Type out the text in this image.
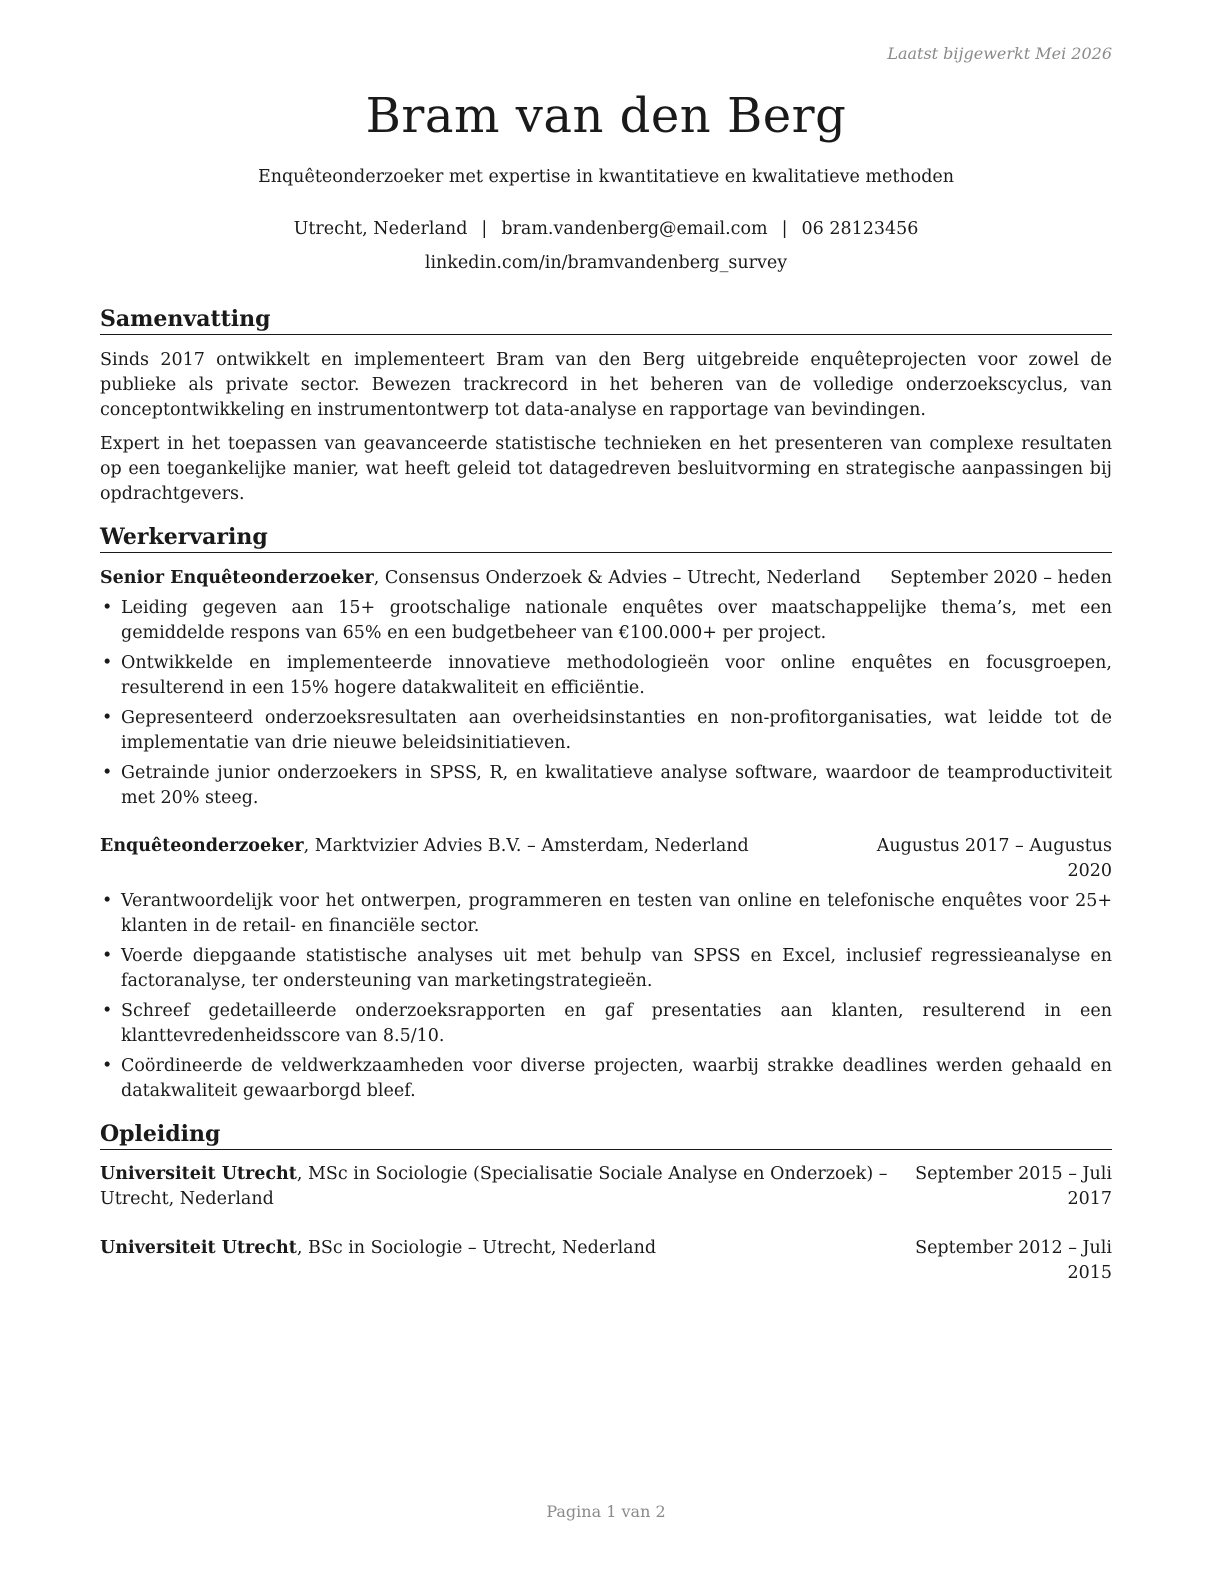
Laatst bijgewerkt Mei 2026
Bram van den Berg
Enquêteonderzoeker met expertise in kwantitatieve en kwalitatieve methoden
Utrecht, Nederland | bram.vandenberg@email.com | 06 28123456
linkedin.com/in/bramvandenberg_survey
Samenvatting

Sinds 2017 ontwikkelt en implementeert Bram van den Berg uitgebreide enquêteprojecten voor zowel de publieke als private sector. Bewezen trackrecord in het beheren van de volledige onderzoekscyclus, van conceptontwikkeling en instrumentontwerp tot data-analyse en rapportage van bevindingen.

Expert in het toepassen van geavanceerde statistische technieken en het presenteren van complexe resultaten op een toegankelijke manier, wat heeft geleid tot datagedreven besluitvorming en strategische aanpassingen bij opdrachtgevers.

Werkervaring
Senior Enquêteonderzoeker, Consensus Onderzoek & Advies – Utrecht, Nederland September 2020 – heden
• Leiding gegeven aan 15+ grootschalige nationale enquêtes over maatschappelijke thema’s, met een gemiddelde respons van 65% en een budgetbeheer van €100.000+ per project.
• Ontwikkelde en implementeerde innovatieve methodologieën voor online enquêtes en focusgroepen, resulterend in een 15% hogere datakwaliteit en efficiëntie.
• Gepresenteerd onderzoeksresultaten aan overheidsinstanties en non-profitorganisaties, wat leidde tot de implementatie van drie nieuwe beleidsinitiatieven.
• Getrainde junior onderzoekers in SPSS, R, en kwalitatieve analyse software, waardoor de teamproductiviteit met 20% steeg.
Enquêteonderzoeker, Marktvizier Advies B.V. – Amsterdam, Nederland	Augustus 2017 – Augustus
2020
• Verantwoordelijk voor het ontwerpen, programmeren en testen van online en telefonische enquêtes voor 25+ klanten in de retail- en financiële sector.
• Voerde diepgaande statistische analyses uit met behulp van SPSS en Excel, inclusief regressieanalyse en factoranalyse, ter ondersteuning van marketingstrategieën.
• Schreef gedetailleerde onderzoeksrapporten en gaf presentaties aan klanten, resulterend in een klanttevredenheidsscore van 8.5/10.
• Coördineerde de veldwerkzaamheden voor diverse projecten, waarbij strakke deadlines werden gehaald en datakwaliteit gewaarborgd bleef.
Opleiding
Universiteit Utrecht, MSc in Sociologie (Specialisatie Sociale Analyse en Onderzoek) –
Utrecht, Nederland
September 2015 – Juli
2017
Universiteit Utrecht, BSc in Sociologie – Utrecht, Nederland	September 2012 – Juli
2015
Pagina 1 van 2
